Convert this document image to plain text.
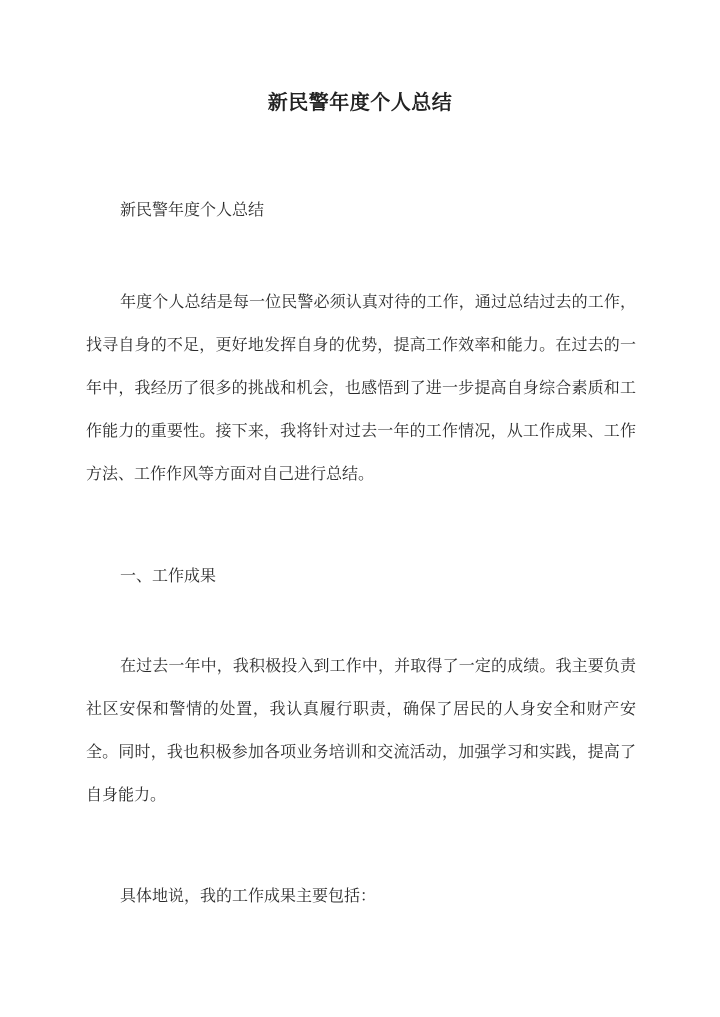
新民警年度个人总结

新民警年度个人总结

年度个人总结是每一位民警必须认真对待的工作，通过总结过去的工作，找寻自身的不足，更好地发挥自身的优势，提高工作效率和能力。在过去的一年中，我经历了很多的挑战和机会，也感悟到了进一步提高自身综合素质和工作能力的重要性。接下来，我将针对过去一年的工作情况，从工作成果、工作方法、工作作风等方面对自己进行总结。

一、工作成果

在过去一年中，我积极投入到工作中，并取得了一定的成绩。我主要负责社区安保和警情的处置，我认真履行职责，确保了居民的人身安全和财产安全。同时，我也积极参加各项业务培训和交流活动，加强学习和实践，提高了自身能力。

具体地说，我的工作成果主要包括：
